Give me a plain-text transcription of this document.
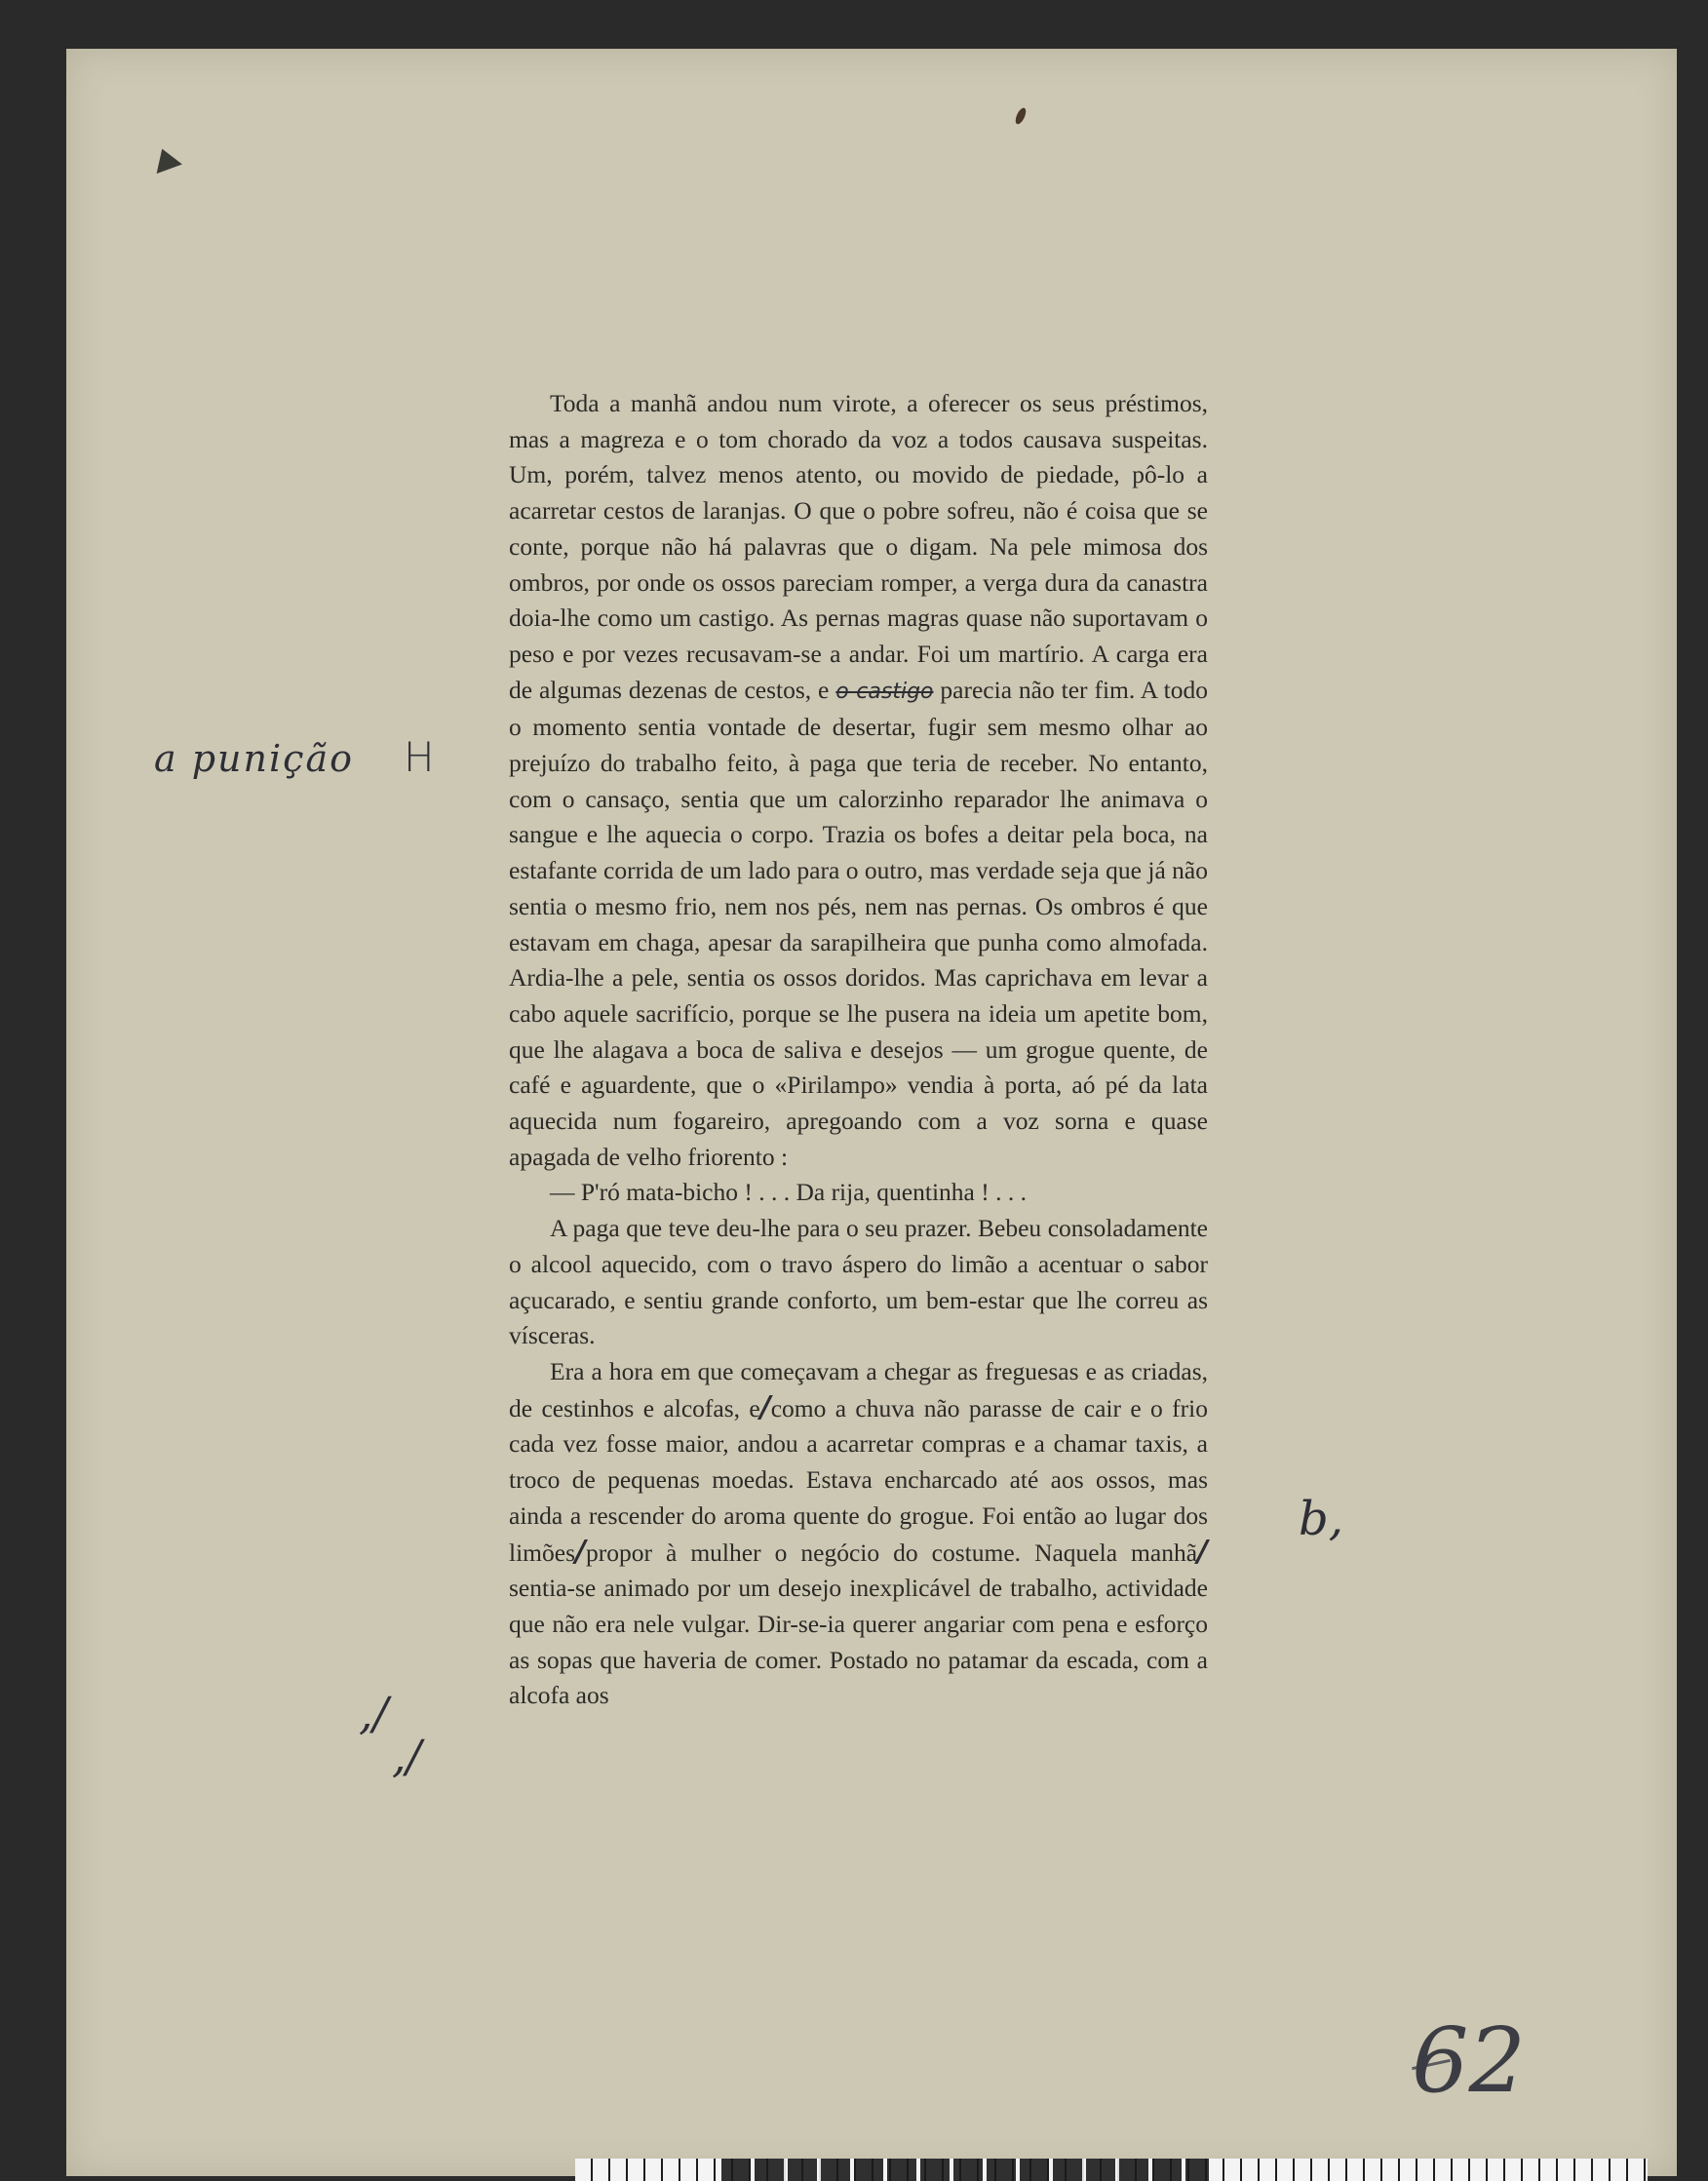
Toda a manhã andou num virote, a oferecer os seus préstimos, mas a magreza e o tom chorado da voz a todos causava suspeitas. Um, porém, talvez menos atento, ou movido de piedade, pô-lo a acarretar cestos de laranjas. O que o pobre sofreu, não é coisa que se conte, porque não há palavras que o digam. Na pele mimosa dos ombros, por onde os ossos pareciam romper, a verga dura da canastra doia-lhe como um castigo. As pernas magras quase não suportavam o peso e por vezes recusavam-se a andar. Foi um martírio. A carga era de algumas dezenas de cestos, e o castigo parecia não ter fim. A todo o momento sentia vontade de desertar, fugir sem mesmo olhar ao prejuízo do trabalho feito, à paga que teria de receber. No entanto, com o cansaço, sentia que um calorzinho reparador lhe animava o sangue e lhe aquecia o corpo. Trazia os bofes a deitar pela boca, na estafante corrida de um lado para o outro, mas verdade seja que já não sentia o mesmo frio, nem nos pés, nem nas pernas. Os ombros é que estavam em chaga, apesar da sarapilheira que punha como almofada. Ardia-lhe a pele, sentia os ossos doridos. Mas caprichava em levar a cabo aquele sacrifício, porque se lhe pusera na ideia um apetite bom, que lhe alagava a boca de saliva e desejos — um grogue quente, de café e aguardente, que o «Pirilampo» vendia à porta, aó pé da lata aquecida num fogareiro, apregoando com a voz sorna e quase apagada de velho friorento :

— P'ró mata-bicho ! . . . Da rija, quentinha ! . . .

A paga que teve deu-lhe para o seu prazer. Bebeu consoladamente o alcool aquecido, com o travo áspero do limão a acentuar o sabor açucarado, e sentiu grande conforto, um bem-estar que lhe correu as vísceras.

Era a hora em que começavam a chegar as freguesas e as criadas, de cestinhos e alcofas, e/como a chuva não parasse de cair e o frio cada vez fosse maior, andou a acarretar compras e a chamar taxis, a troco de pequenas moedas. Estava encharcado até aos ossos, mas ainda a rescender do aroma quente do grogue. Foi então ao lugar dos limões/propor à mulher o negócio do costume. Naquela manhã/ sentia-se animado por um desejo inexplicável de trabalho, actividade que não era nele vulgar. Dir-se-ia querer angariar com pena e esforço as sopas que haveria de comer. Postado no patamar da escada, com a alcofa aos

a punição H
b,
,/
,/
62
